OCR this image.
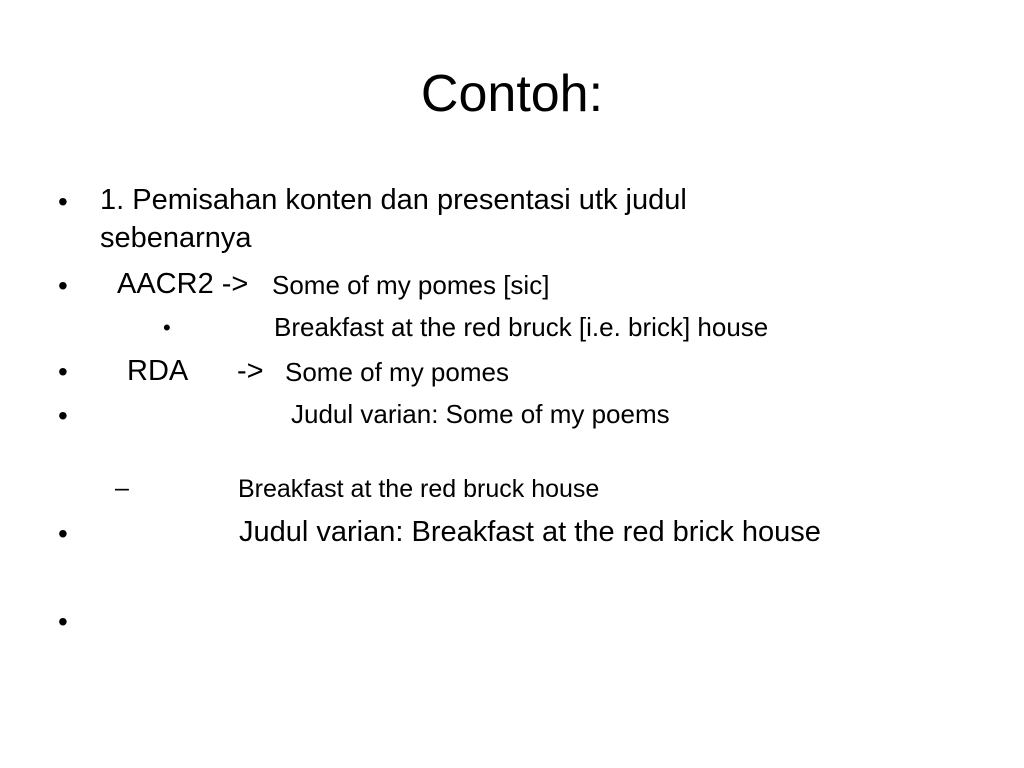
Contoh:
• 1. Pemisahan konten dan presentasi utk judul
sebenarnya
• AACR2 -> Some of my pomes [sic]
•	Breakfast at the red bruck [i.e. brick] house
• RDA -> Some of my pomes
•	Judul varian: Some of my poems
–	Breakfast at the red bruck house
•	Judul varian: Breakfast at the red brick house
•
